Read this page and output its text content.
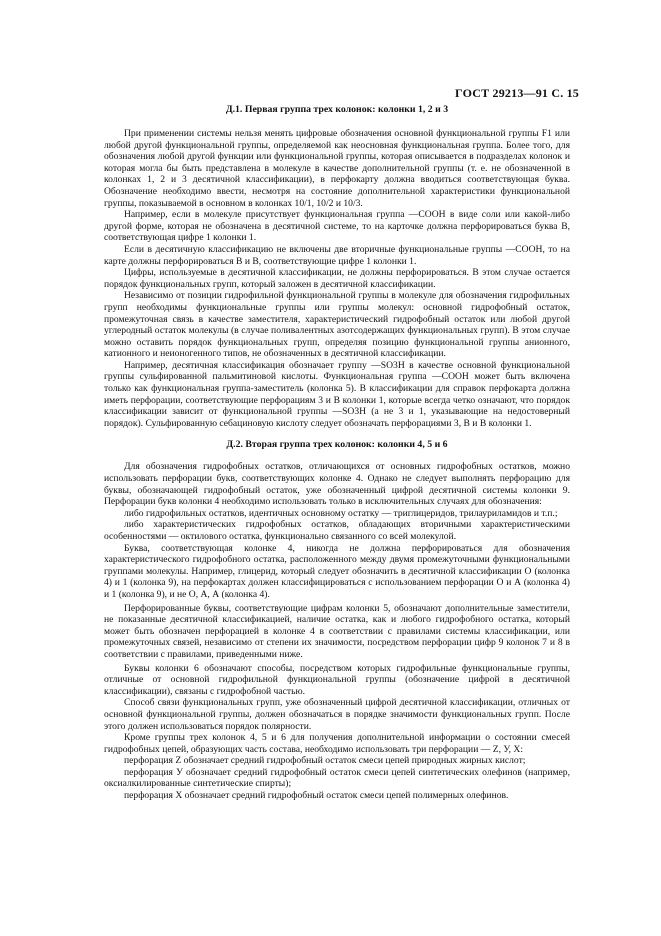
ГОСТ 29213—91 С. 15
Д.1. Первая группа трех колонок: колонки 1, 2 и 3

При применении системы нельзя менять цифровые обозначения основной функциональной группы F1 или любой другой функциональной группы, определяемой как неосновная функциональная группа. Более того, для обозначения любой другой функции или функциональной группы, которая описывается в подразделах колонок и которая могла бы быть представлена в молекуле в качестве дополнительной группы (т. е. не обозначенной в колонках 1, 2 и 3 десятичной классификации), в перфокарту должна вводиться соответствующая буква. Обозначение необходимо ввести, несмотря на состояние дополнительной характеристики функциональной группы, показываемой в основном в колонках 10/1, 10/2 и 10/3.

Например, если в молекуле присутствует функциональная группа —СООН в виде соли или какой-либо другой форме, которая не обозначена в десятичной системе, то на карточке должна перфорироваться буква В, соответствующая цифре 1 колонки 1.

Если в десятичную классификацию не включены две вторичные функциональные группы —СООН, то на карте должны перфорироваться В и В, соответствующие цифре 1 колонки 1.

Цифры, используемые в десятичной классификации, не должны перфорироваться. В этом случае остается порядок функциональных групп, который заложен в десятичной классификации.

Независимо от позиции гидрофильной функциональной группы в молекуле для обозначения гидрофильных групп необходимы функциональные группы или группы молекул: основной гидрофобный остаток, промежуточная связь в качестве заместителя, характеристический гидрофобный остаток или любой другой углеродный остаток молекулы (в случае поливалентных азотсодержащих функциональных групп). В этом случае можно оставить порядок функциональных групп, определяя позицию функциональной группы анионного, катионного и неионогенного типов, не обозначенных в десятичной классификации.

Например, десятичная классификация обозначает группу —SO3H в качестве основной функциональной группы сульфированной пальмитиновой кислоты. Функциональная группа —СООН может быть включена только как функциональная группа-заместитель (колонка 5). В классификации для справок перфокарта должна иметь перфорации, соответствующие перфорациям 3 и В колонки 1, которые всегда четко означают, что порядок классификации зависит от функциональной группы —SO3H (а не 3 и 1, указывающие на недостоверный порядок). Сульфированную себациновую кислоту следует обозначать перфорациями 3, В и В колонки 1.

Д.2. Вторая группа трех колонок: колонки 4, 5 и 6

Для обозначения гидрофобных остатков, отличающихся от основных гидрофобных остатков, можно использовать перфорации букв, соответствующих колонке 4. Однако не следует выполнять перфорацию для буквы, обозначающей гидрофобный остаток, уже обозначенный цифрой десятичной системы колонки 9. Перфорации букв колонки 4 необходимо использовать только в исключительных случаях для обозначения:

либо гидрофильных остатков, идентичных основному остатку — триглицеридов, трилауриламидов и т.п.;

либо характеристических гидрофобных остатков, обладающих вторичными характеристическими особенностями — октилового остатка, функционально связанного со всей молекулой.

Буква, соответствующая колонке 4, никогда не должна перфорироваться для обозначения характеристического гидрофобного остатка, расположенного между двумя промежуточными функциональными группами молекулы. Например, глицерид, который следует обозначить в десятичной классификации О (колонка 4) и 1 (колонка 9), на перфокартах должен классифицироваться с использованием перфорации О и А (колонка 4) и 1 (колонка 9), и не О, А, А (колонка 4).

Перфорированные буквы, соответствующие цифрам колонки 5, обозначают дополнительные заместители, не показанные десятичной классификацией, наличие остатка, как и любого гидрофобного остатка, который может быть обозначен перфорацией в колонке 4 в соответствии с правилами системы классификации, или промежуточных связей, независимо от степени их значимости, посредством перфорации цифр 9 колонок 7 и 8 в соответствии с правилами, приведенными ниже.

Буквы колонки 6 обозначают способы, посредством которых гидрофильные функциональные группы, отличные от основной гидрофильной функциональной группы (обозначение цифрой в десятичной классификации), связаны с гидрофобной частью.

Способ связи функциональных групп, уже обозначенный цифрой десятичной классификации, отличных от основной функциональной группы, должен обозначаться в порядке значимости функциональных групп. После этого должен использоваться порядок полярности.

Кроме группы трех колонок 4, 5 и 6 для получения дополнительной информации о состоянии смесей гидрофобных цепей, образующих часть состава, необходимо использовать три перфорации — Z, У, X:

перфорация Z обозначает средний гидрофобный остаток смеси цепей природных жирных кислот;

перфорация У обозначает средний гидрофобный остаток смеси цепей синтетических олефинов (например, оксиалкилированные синтетические спирты);

перфорация X обозначает средний гидрофобный остаток смеси цепей полимерных олефинов.
